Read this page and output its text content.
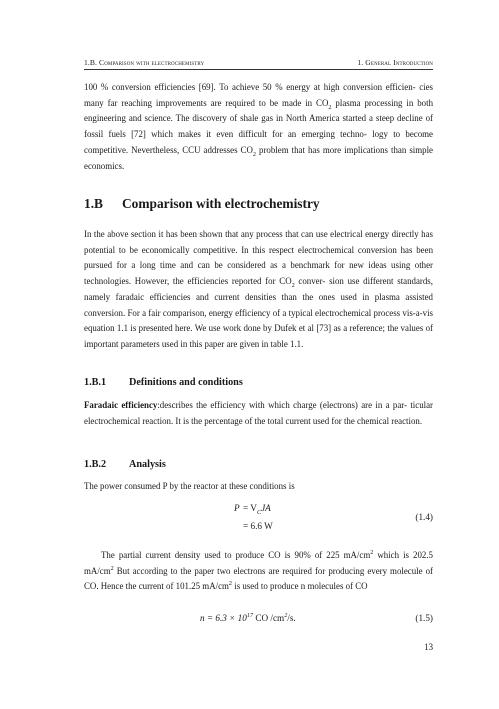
1.B. Comparison with electrochemistry	1. General Introduction

100 % conversion efficiencies [69]. To achieve 50 % energy at high conversion efficien- cies many far reaching improvements are required to be made in $CO_2$ plasma processing in both engineering and science. The discovery of shale gas in North America started a steep decline of fossil fuels [72] which makes it even difficult for an emerging techno- logy to become competitive. Nevertheless, CCU addresses $CO_2$ problem that has more implications than simple economics.

1.B Comparison with electrochemistry

In the above section it has been shown that any process that can use electrical energy directly has potential to be economically competitive. In this respect electrochemical conversion has been pursued for a long time and can be considered as a benchmark for new ideas using other technologies. However, the efficiencies reported for $CO_2$ conver- sion use different standards, namely faradaic efficiencies and current densities than the ones used in plasma assisted conversion. For a fair comparison, energy efficiency of a typical electrochemical process vis-a-vis equation 1.1 is presented here. We use work done by Dufek et al [73] as a reference; the values of important parameters used in this paper are given in table 1.1.

1.B.1 Definitions and conditions

Faradaic efficiency:describes the efficiency with which charge (electrons) are in a par- ticular electrochemical reaction. It is the percentage of the total current used for the chemical reaction.

1.B.2 Analysis

The power consumed P by the reactor at these conditions is

$P = V_CJA$
(1.4)
= 6.6 W

The partial current density used to produce CO is 90% of 225 $mA/cm^2$ which is 202.5 $mA/cm^2$ But according to the paper two electrons are required for producing every molecule of CO. Hence the current of 101.25 $mA/cm^2$ is used to produce n molecules of CO

$n = 6.3 \times 10^{17}$ CO $/cm^2/s$.	(1.5)
13
